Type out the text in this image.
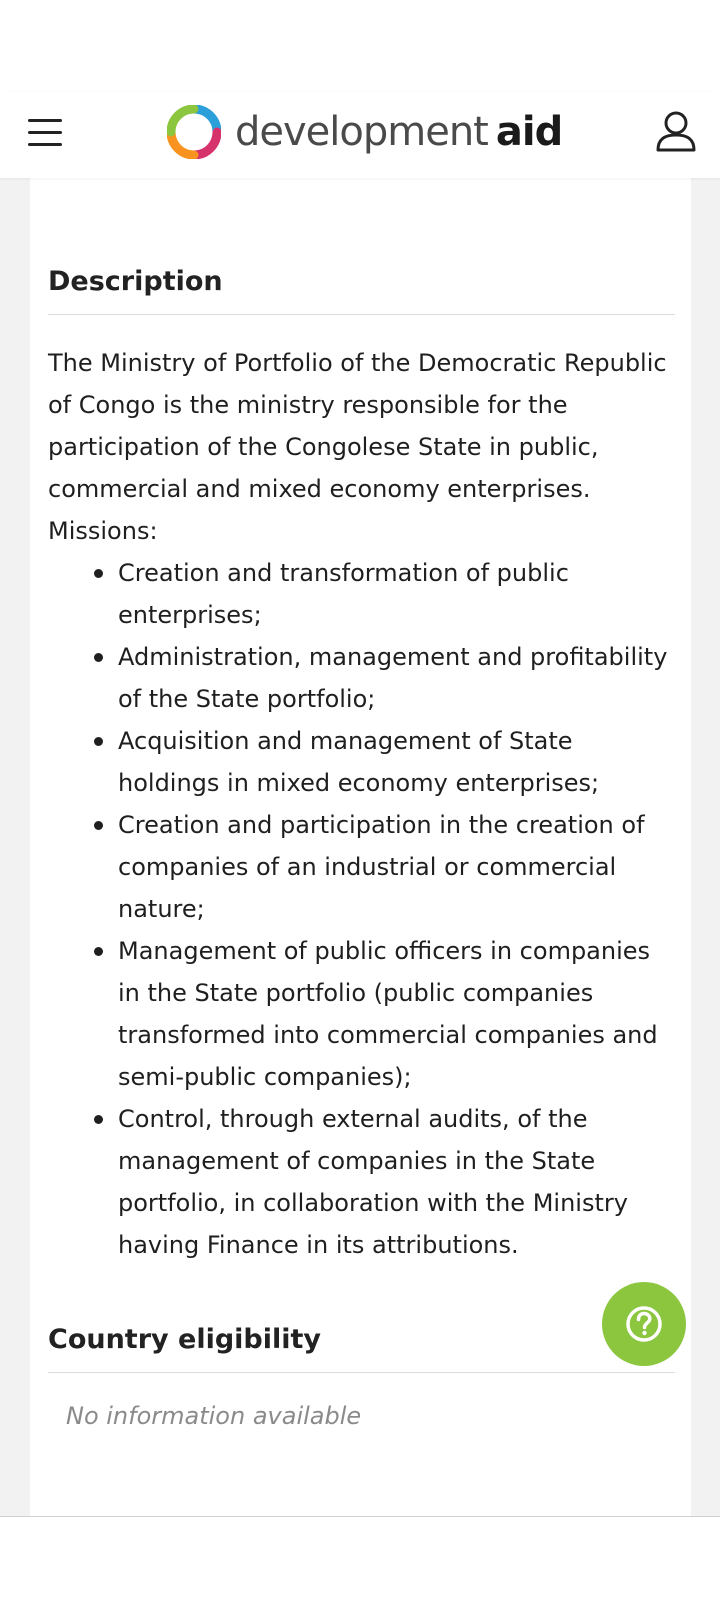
development aid
Description

The Ministry of Portfolio of the Democratic Republic of Congo is the ministry responsible for the participation of the Congolese State in public, commercial and mixed economy enterprises. Missions:

Creation and transformation of public enterprises;
Administration, management and profitability of the State portfolio;
Acquisition and management of State holdings in mixed economy enterprises;
Creation and participation in the creation of companies of an industrial or commercial nature;
Management of public officers in companies in the State portfolio (public companies transformed into commercial companies and semi-public companies);
Control, through external audits, of the management of companies in the State portfolio, in collaboration with the Ministry having Finance in its attributions.
Country eligibility
No information available
